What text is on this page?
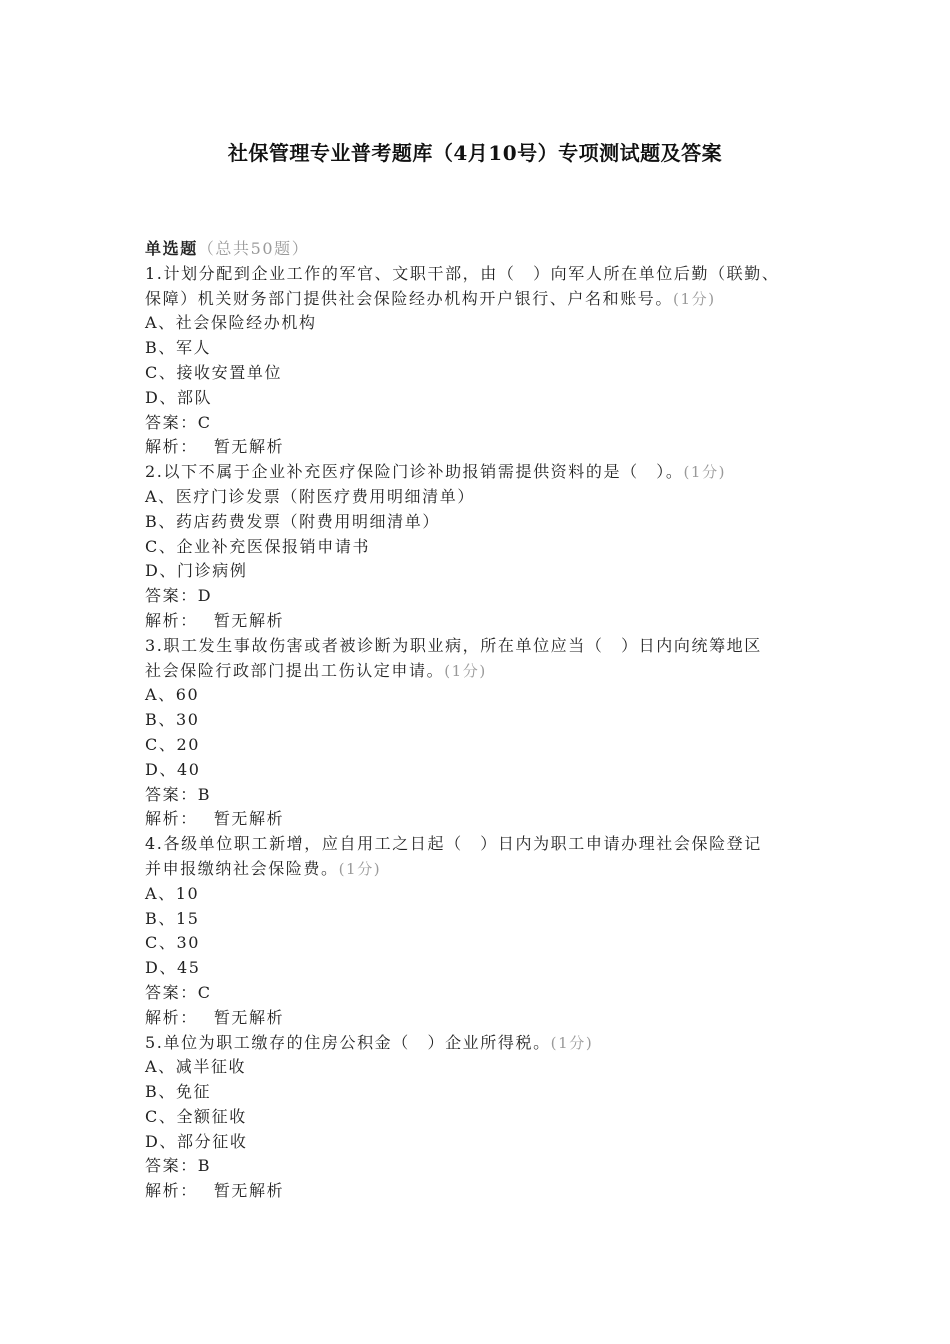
社保管理专业普考题库（4月10号）专项测试题及答案

单选题（总共50题）

1.计划分配到企业工作的军官、文职干部，由（　）向军人所在单位后勤（联勤、

保障）机关财务部门提供社会保险经办机构开户银行、户名和账号。(1分)

A、社会保险经办机构

B、军人

C、接收安置单位

D、部队

答案：C

解析： 暂无解析

2.以下不属于企业补充医疗保险门诊补助报销需提供资料的是（　）。(1分)

A、医疗门诊发票（附医疗费用明细清单）

B、药店药费发票（附费用明细清单）

C、企业补充医保报销申请书

D、门诊病例

答案：D

解析： 暂无解析

3.职工发生事故伤害或者被诊断为职业病，所在单位应当（　）日内向统筹地区

社会保险行政部门提出工伤认定申请。(1分)

A、60

B、30

C、20

D、40

答案：B

解析： 暂无解析

4.各级单位职工新增，应自用工之日起（　）日内为职工申请办理社会保险登记

并申报缴纳社会保险费。(1分)

A、10

B、15

C、30

D、45

答案：C

解析： 暂无解析

5.单位为职工缴存的住房公积金（　）企业所得税。(1分)

A、减半征收

B、免征

C、全额征收

D、部分征收

答案：B

解析： 暂无解析
